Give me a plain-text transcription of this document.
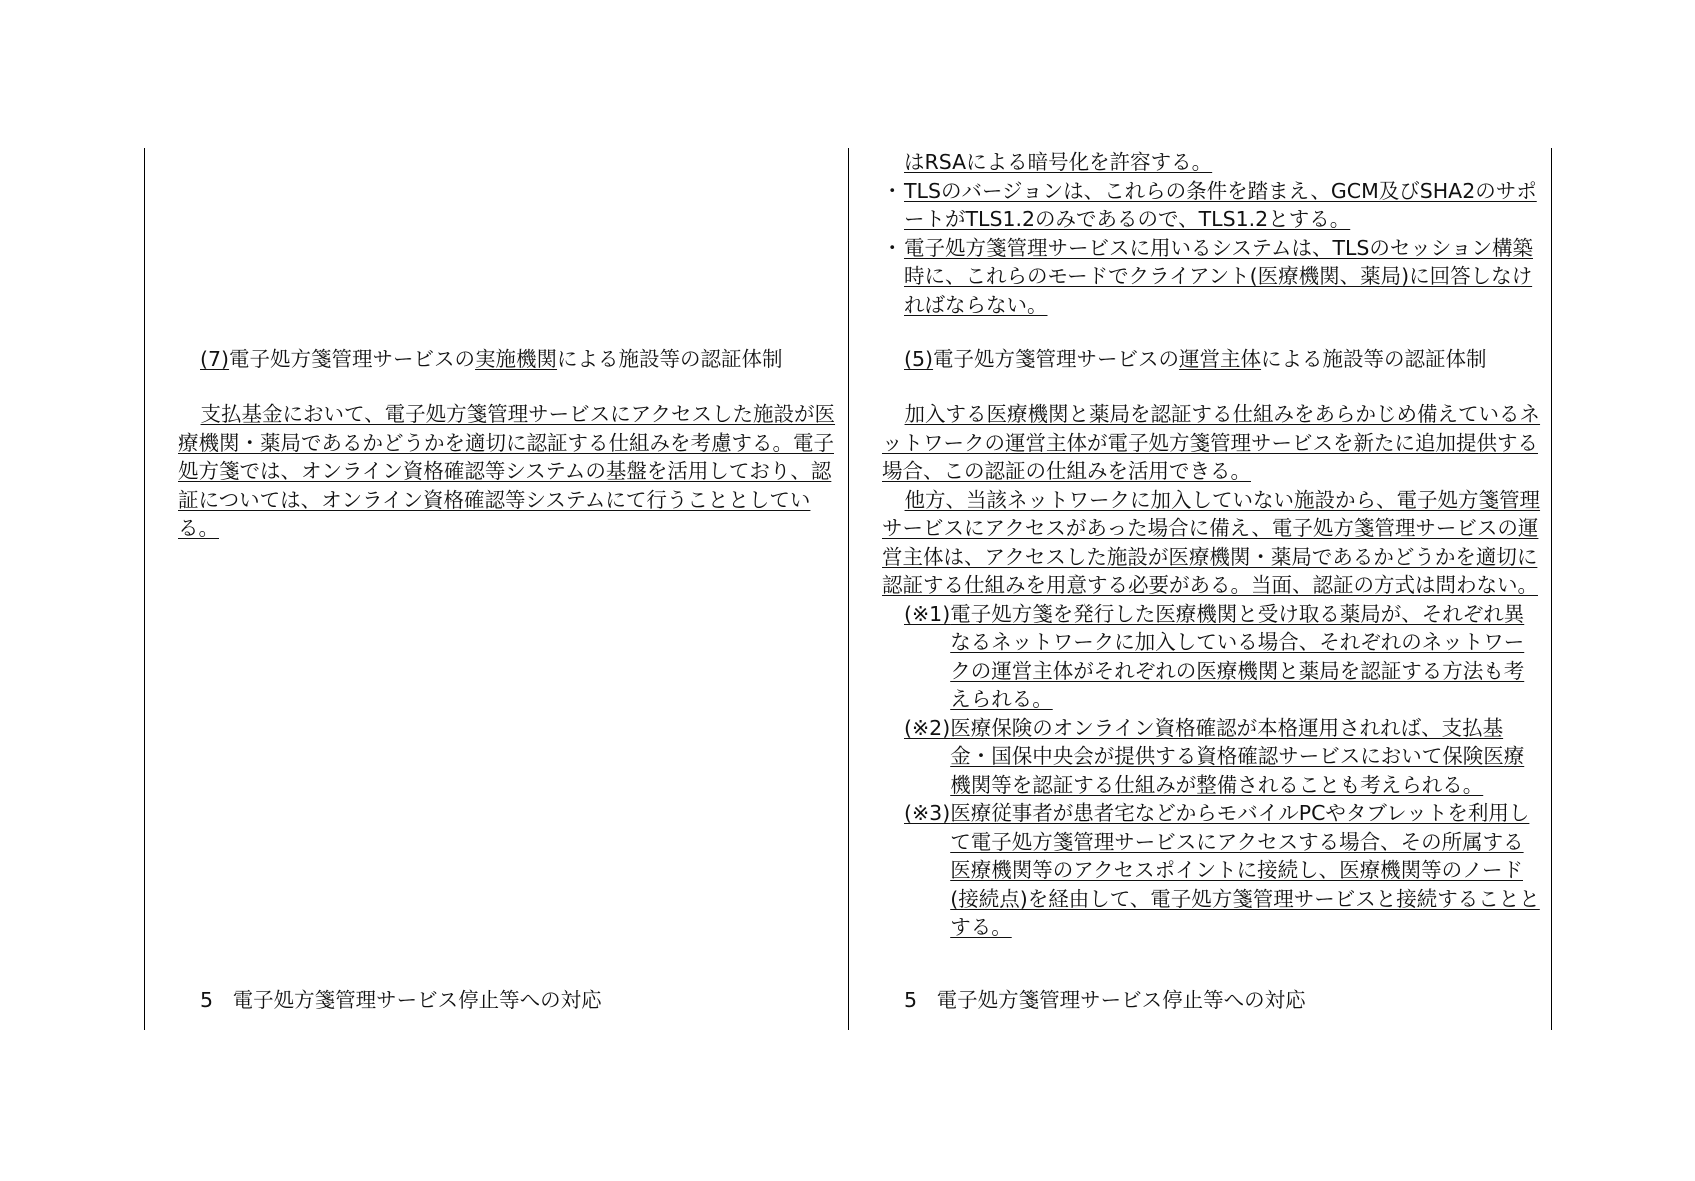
(7)電子処方箋管理サービスの実施機関による施設等の認証体制

支払基金において、電子処方箋管理サービスにアクセスした施設が医療機関・薬局であるかどうかを適切に認証する仕組みを考慮する。電子処方箋では、オンライン資格確認等システムの基盤を活用しており、認証については、オンライン資格確認等システムにて行うこととしている。

5 電子処方箋管理サービス停止等への対応
はRSAによる暗号化を許容する。
・ TLSのバージョンは、これらの条件を踏まえ、GCM及びSHA2のサポートがTLS1.2のみであるので、TLS1.2とする。
・ 電子処方箋管理サービスに用いるシステムは、TLSのセッション構築時に、これらのモードでクライアント(医療機関、薬局)に回答しなければならない。
(5)電子処方箋管理サービスの運営主体による施設等の認証体制

加入する医療機関と薬局を認証する仕組みをあらかじめ備えているネットワークの運営主体が電子処方箋管理サービスを新たに追加提供する場合、この認証の仕組みを活用できる。

他方、当該ネットワークに加入していない施設から、電子処方箋管理サービスにアクセスがあった場合に備え、電子処方箋管理サービスの運営主体は、アクセスした施設が医療機関・薬局であるかどうかを適切に認証する仕組みを用意する必要がある。当面、認証の方式は問わない。

(※1) 電子処方箋を発行した医療機関と受け取る薬局が、それぞれ異なるネットワークに加入している場合、それぞれのネットワークの運営主体がそれぞれの医療機関と薬局を認証する方法も考えられる。
(※2) 医療保険のオンライン資格確認が本格運用されれば、支払基金・国保中央会が提供する資格確認サービスにおいて保険医療機関等を認証する仕組みが整備されることも考えられる。
(※3) 医療従事者が患者宅などからモバイルPCやタブレットを利用して電子処方箋管理サービスにアクセスする場合、その所属する医療機関等のアクセスポイントに接続し、医療機関等のノード(接続点)を経由して、電子処方箋管理サービスと接続することとする。
5 電子処方箋管理サービス停止等への対応
